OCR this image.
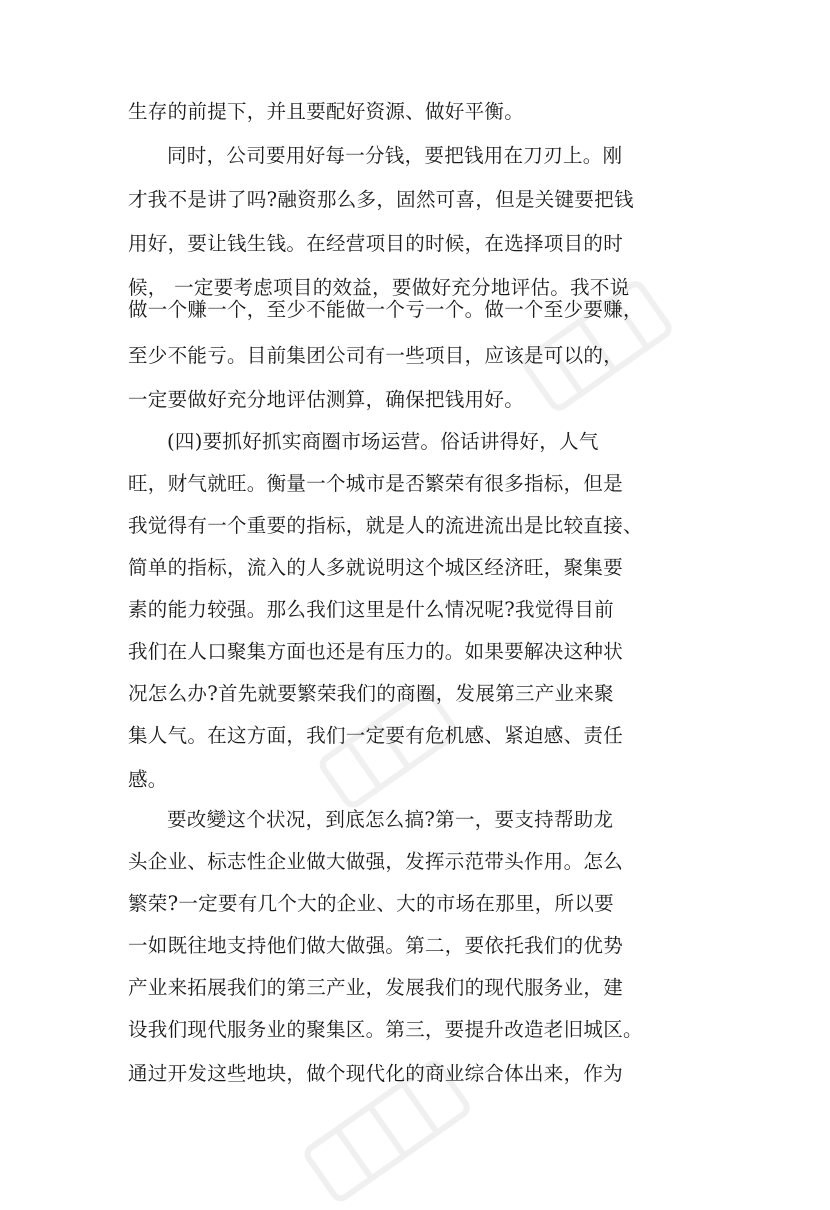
生存的前提下，并且要配好资源、做好平衡。
同时，公司要用好每一分钱，要把钱用在刀刃上。刚
才我不是讲了吗?融资那么多，固然可喜，但是关键要把钱
用好，要让钱生钱。在经营项目的时候，在选择项目的时
候， 一定要考虑项目的效益，要做好充分地评估。我不说
做一个赚一个，至少不能做一个亏一个。做一个至少要赚，
至少不能亏。目前集团公司有一些项目，应该是可以的，
一定要做好充分地评估测算，确保把钱用好。
(四)要抓好抓实商圈市场运营。俗话讲得好，人气
旺，财气就旺。衡量一个城市是否繁荣有很多指标，但是
我觉得有一个重要的指标，就是人的流进流出是比较直接、
简单的指标，流入的人多就说明这个城区经济旺，聚集要
素的能力较强。那么我们这里是什么情况呢?我觉得目前
我们在人口聚集方面也还是有压力的。如果要解决这种状
况怎么办?首先就要繁荣我们的商圈，发展第三产业来聚
集人气。在这方面，我们一定要有危机感、紧迫感、责任
感。
要改變这个状况，到底怎么搞?第一，要支持帮助龙
头企业、标志性企业做大做强，发挥示范带头作用。怎么
繁荣?一定要有几个大的企业、大的市场在那里，所以要
一如既往地支持他们做大做强。第二，要依托我们的优势
产业来拓展我们的第三产业，发展我们的现代服务业，建
设我们现代服务业的聚集区。第三，要提升改造老旧城区。
通过开发这些地块，做个现代化的商业综合体出来，作为
